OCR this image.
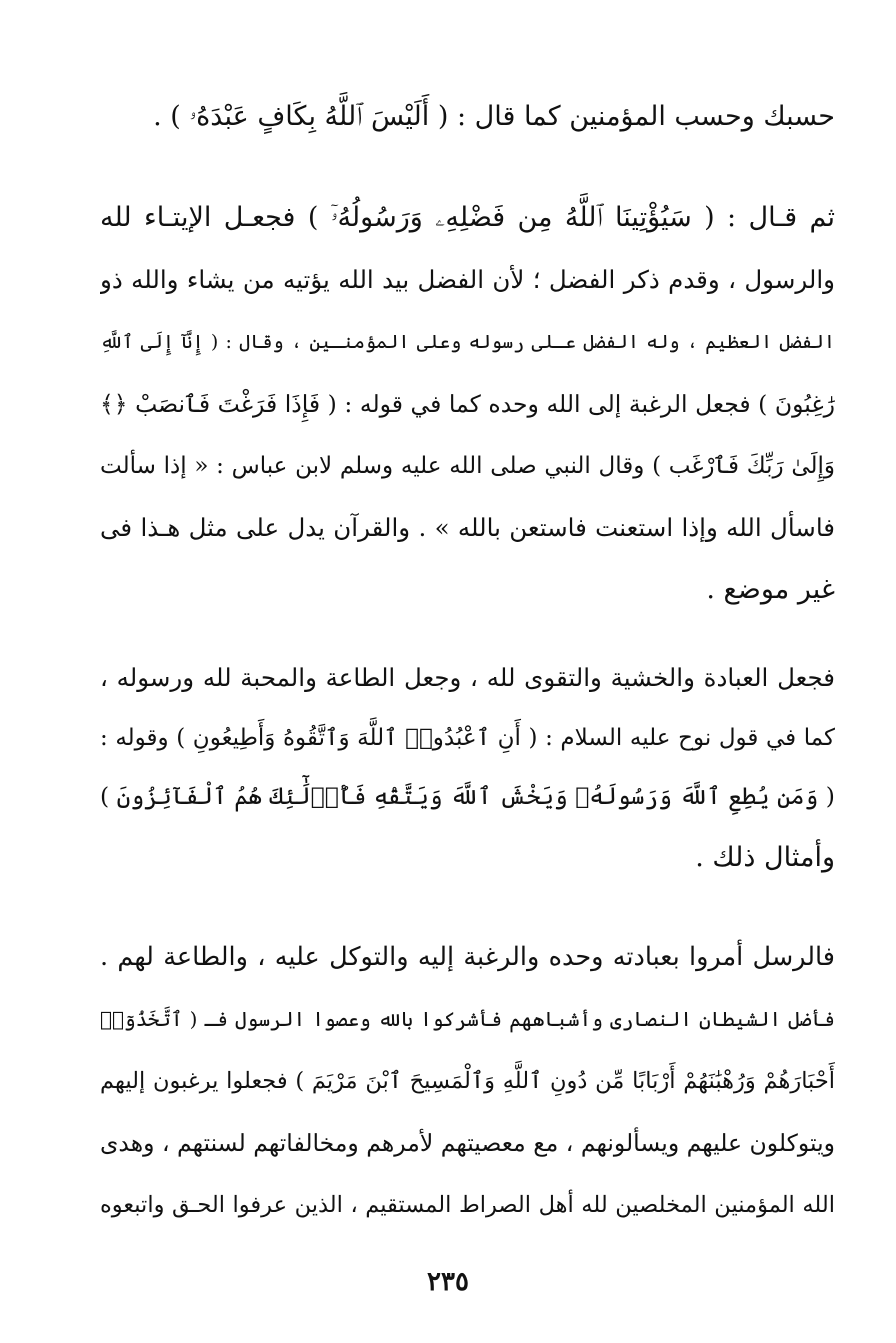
حسبك وحسب المؤمنين كما قال : ( أَلَيْسَ ٱللَّهُ بِكَافٍ عَبْدَهُۥ ) .
ثم قـال : ( سَيُؤْتِينَا ٱللَّهُ مِن فَضْلِهِۦ وَرَسُولُهُۥٓ ) فجعـل الإيتـاء لله
والرسول ، وقدم ذكر الفضل ؛ لأن الفضل بيد الله يؤتيه من يشاء والله ذو
الفضل العظيم ، وله الفضل عـلى رسوله وعلى المؤمنـين ، وقال : ( إِنَّآ إِلَى ٱللَّهِ
رَٰغِبُونَ ) فجعل الرغبة إلى الله وحده كما في قوله : ( فَإِذَا فَرَغْتَ فَٱنصَبْ ﴿﴾
وَإِلَىٰ رَبِّكَ فَٱرْغَب ) وقال النبي صلى الله عليه وسلم لابن عباس : « إذا سألت
فاسأل الله وإذا استعنت فاستعن بالله » . والقرآن يدل على مثل هـذا فى
غير موضع .
فجعل العبادة والخشية والتقوى لله ، وجعل الطاعة والمحبة لله ورسوله ،
كما في قول نوح عليه السلام : ( أَنِ ٱعْبُدُوا۟ ٱللَّهَ وَٱتَّقُوهُ وَأَطِيعُونِ ) وقوله :
( وَمَن يُطِعِ ٱللَّهَ وَرَسُولَهُۥ وَيَخْشَ ٱللَّهَ وَيَتَّقْهِ فَأُو۟لَٰٓئِكَ هُمُ ٱلْفَآئِزُونَ )
وأمثال ذلك .
فالرسل أمروا بعبادته وحده والرغبة إليه والتوكل عليه ، والطاعة لهم .
فأضل الشيطان النصارى وأشباههم فأشركوا بالله وعصوا الرسول فـ ( ٱتَّخَذُوٓا۟
أَحْبَارَهُمْ وَرُهْبَٰنَهُمْ أَرْبَابًا مِّن دُونِ ٱللَّهِ وَٱلْمَسِيحَ ٱبْنَ مَرْيَمَ ) فجعلوا يرغبون إليهم
ويتوكلون عليهم ويسألونهم ، مع معصيتهم لأمرهم ومخالفاتهم لسنتهم ، وهدى
الله المؤمنين المخلصين لله أهل الصراط المستقيم ، الذين عرفوا الحـق واتبعوه
٢٣٥
